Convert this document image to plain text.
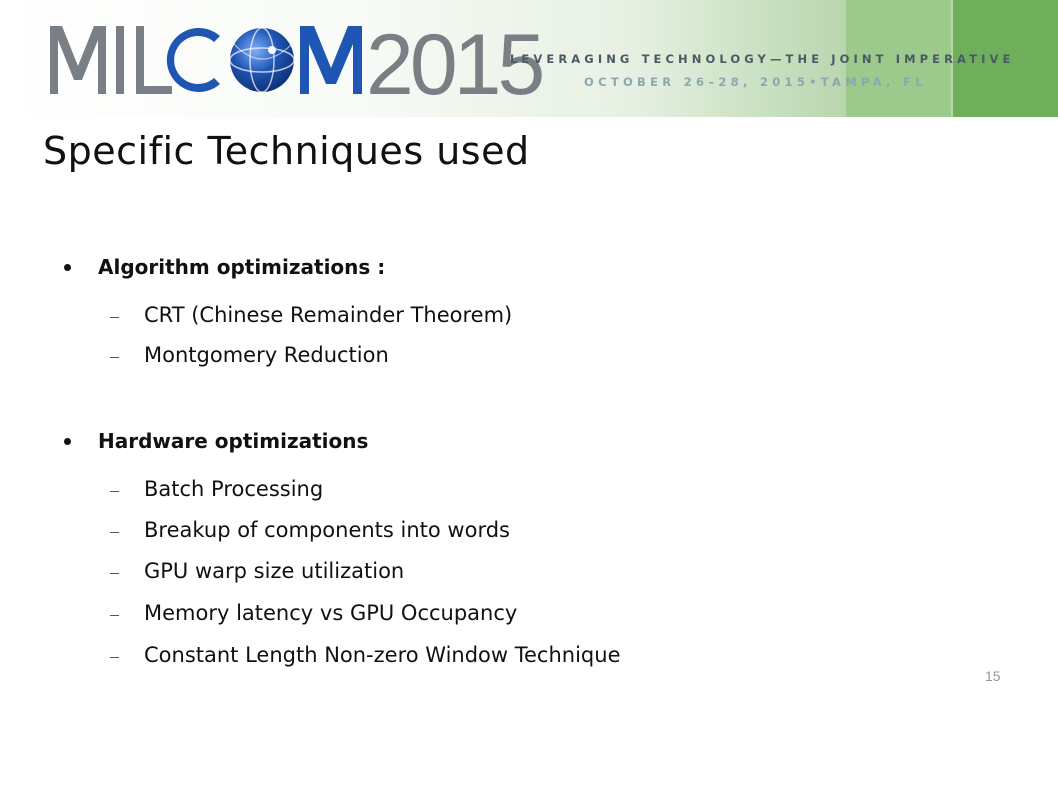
2015
LEVERAGING TECHNOLOGY—THE JOINT IMPERATIVE
OCTOBER 26–28, 2015•TAMPA, FL
Specific Techniques used
Algorithm optimizations :
CRT (Chinese Remainder Theorem)
Montgomery Reduction
Hardware optimizations
Batch Processing
Breakup of components into words
GPU warp size utilization
Memory latency vs GPU Occupancy
Constant Length Non-zero Window Technique
15
